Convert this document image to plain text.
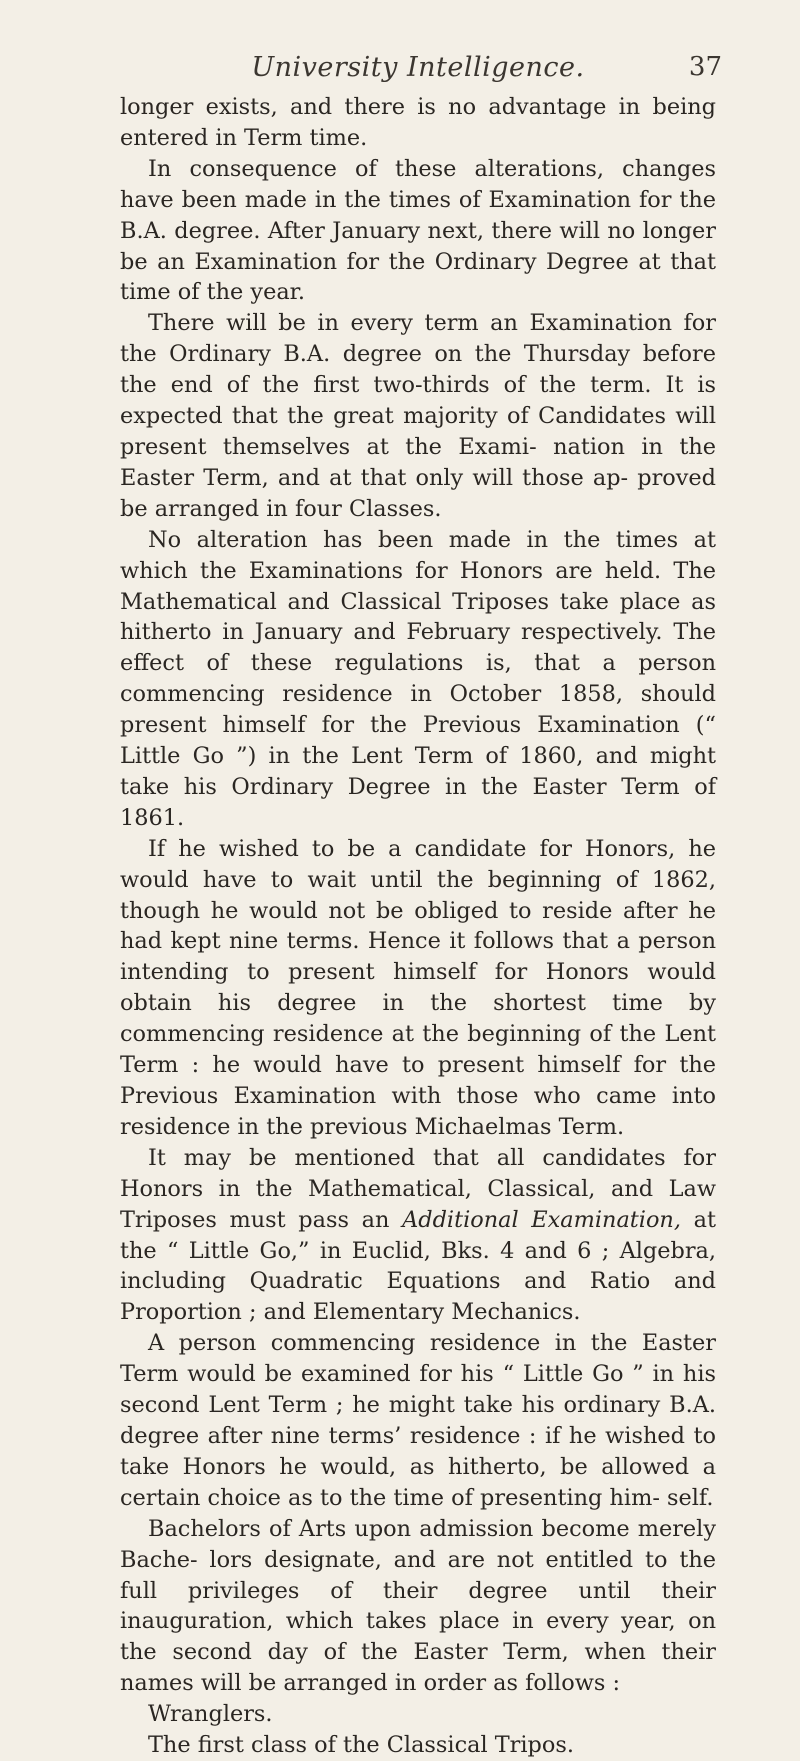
University Intelligence.	37

longer exists, and there is no advantage in being entered in Term time.

In consequence of these alterations, changes have been made in the times of Examination for the B.A. degree. After January next, there will no longer be an Examination for the Ordinary Degree at that time of the year.

There will be in every term an Examination for the Ordinary B.A. degree on the Thursday before the end of the first two-thirds of the term. It is expected that the great majority of Candidates will present themselves at the Exami- nation in the Easter Term, and at that only will those ap- proved be arranged in four Classes.

No alteration has been made in the times at which the Examinations for Honors are held. The Mathematical and Classical Triposes take place as hitherto in January and February respectively. The effect of these regulations is, that a person commencing residence in October 1858, should present himself for the Previous Examination (“ Little Go ”) in the Lent Term of 1860, and might take his Ordinary Degree in the Easter Term of 1861.

If he wished to be a candidate for Honors, he would have to wait until the beginning of 1862, though he would not be obliged to reside after he had kept nine terms. Hence it follows that a person intending to present himself for Honors would obtain his degree in the shortest time by commencing residence at the beginning of the Lent Term : he would have to present himself for the Previous Examination with those who came into residence in the previous Michaelmas Term.

It may be mentioned that all candidates for Honors in the Mathematical, Classical, and Law Triposes must pass an Additional Examination, at the “ Little Go,” in Euclid, Bks. 4 and 6 ; Algebra, including Quadratic Equations and Ratio and Proportion ; and Elementary Mechanics.

A person commencing residence in the Easter Term would be examined for his “ Little Go ” in his second Lent Term ; he might take his ordinary B.A. degree after nine terms’ residence : if he wished to take Honors he would, as hitherto, be allowed a certain choice as to the time of presenting him- self.

Bachelors of Arts upon admission become merely Bache- lors designate, and are not entitled to the full privileges of their degree until their inauguration, which takes place in every year, on the second day of the Easter Term, when their names will be arranged in order as follows :

Wranglers.

The first class of the Classical Tripos.
